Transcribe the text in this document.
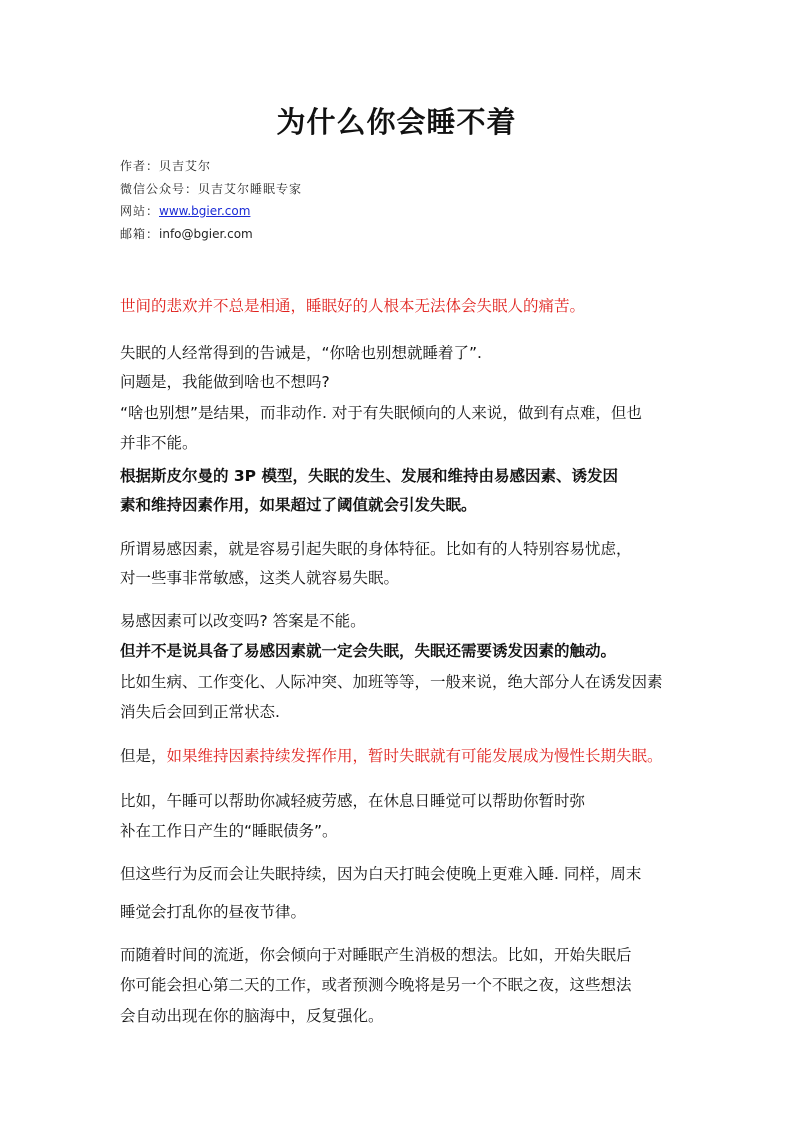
为什么你会睡不着
作者：贝吉艾尔
微信公众号：贝吉艾尔睡眠专家
网站：www.bgier.com
邮箱：info@bgier.com
世间的悲欢并不总是相通，睡眠好的人根本无法体会失眠人的痛苦。
失眠的人经常得到的告诫是，“你啥也别想就睡着了”.
问题是，我能做到啥也不想吗?
“啥也别想”是结果，而非动作. 对于有失眠倾向的人来说，做到有点难，但也
并非不能。
根据斯皮尔曼的 3P 模型，失眠的发生、发展和维持由易感因素、诱发因
素和维持因素作用，如果超过了阈值就会引发失眠。
所谓易感因素，就是容易引起失眠的身体特征。比如有的人特别容易忧虑，
对一些事非常敏感，这类人就容易失眠。
易感因素可以改变吗? 答案是不能。
但并不是说具备了易感因素就一定会失眠，失眠还需要诱发因素的触动。
比如生病、工作变化、人际冲突、加班等等，一般来说，绝大部分人在诱发因素
消失后会回到正常状态.
但是，如果维持因素持续发挥作用，暂时失眠就有可能发展成为慢性长期失眠。
比如，午睡可以帮助你减轻疲劳感，在休息日睡觉可以帮助你暂时弥
补在工作日产生的“睡眠债务”。
但这些行为反而会让失眠持续，因为白天打盹会使晚上更难入睡. 同样，周末
睡觉会打乱你的昼夜节律。
而随着时间的流逝，你会倾向于对睡眠产生消极的想法。比如，开始失眠后
你可能会担心第二天的工作，或者预测今晚将是另一个不眠之夜，这些想法
会自动出现在你的脑海中，反复强化。
